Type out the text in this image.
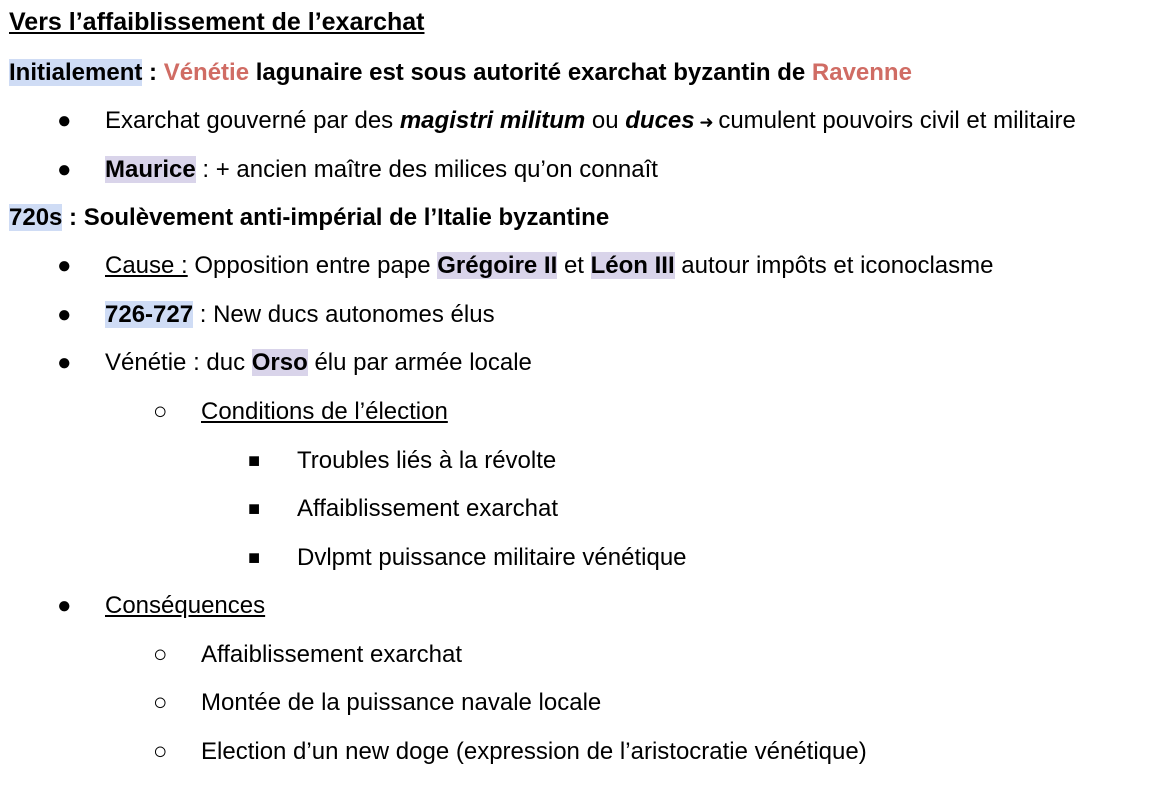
Vers l’affaiblissement de l’exarchat
Initialement : Vénétie lagunaire est sous autorité exarchat byzantin de Ravenne
● Exarchat gouverné par des magistri militum ou duces ➜ cumulent pouvoirs civil et militaire
● Maurice : + ancien maître des milices qu’on connaît
720s : Soulèvement anti-impérial de l’Italie byzantine
● Cause : Opposition entre pape Grégoire II et Léon III autour impôts et iconoclasme
● 726-727 : New ducs autonomes élus
● Vénétie : duc Orso élu par armée locale
○ Conditions de l’élection
■ Troubles liés à la révolte
■ Affaiblissement exarchat
■ Dvlpmt puissance militaire vénétique
● Conséquences
○ Affaiblissement exarchat
○ Montée de la puissance navale locale
○ Election d’un new doge (expression de l’aristocratie vénétique)
